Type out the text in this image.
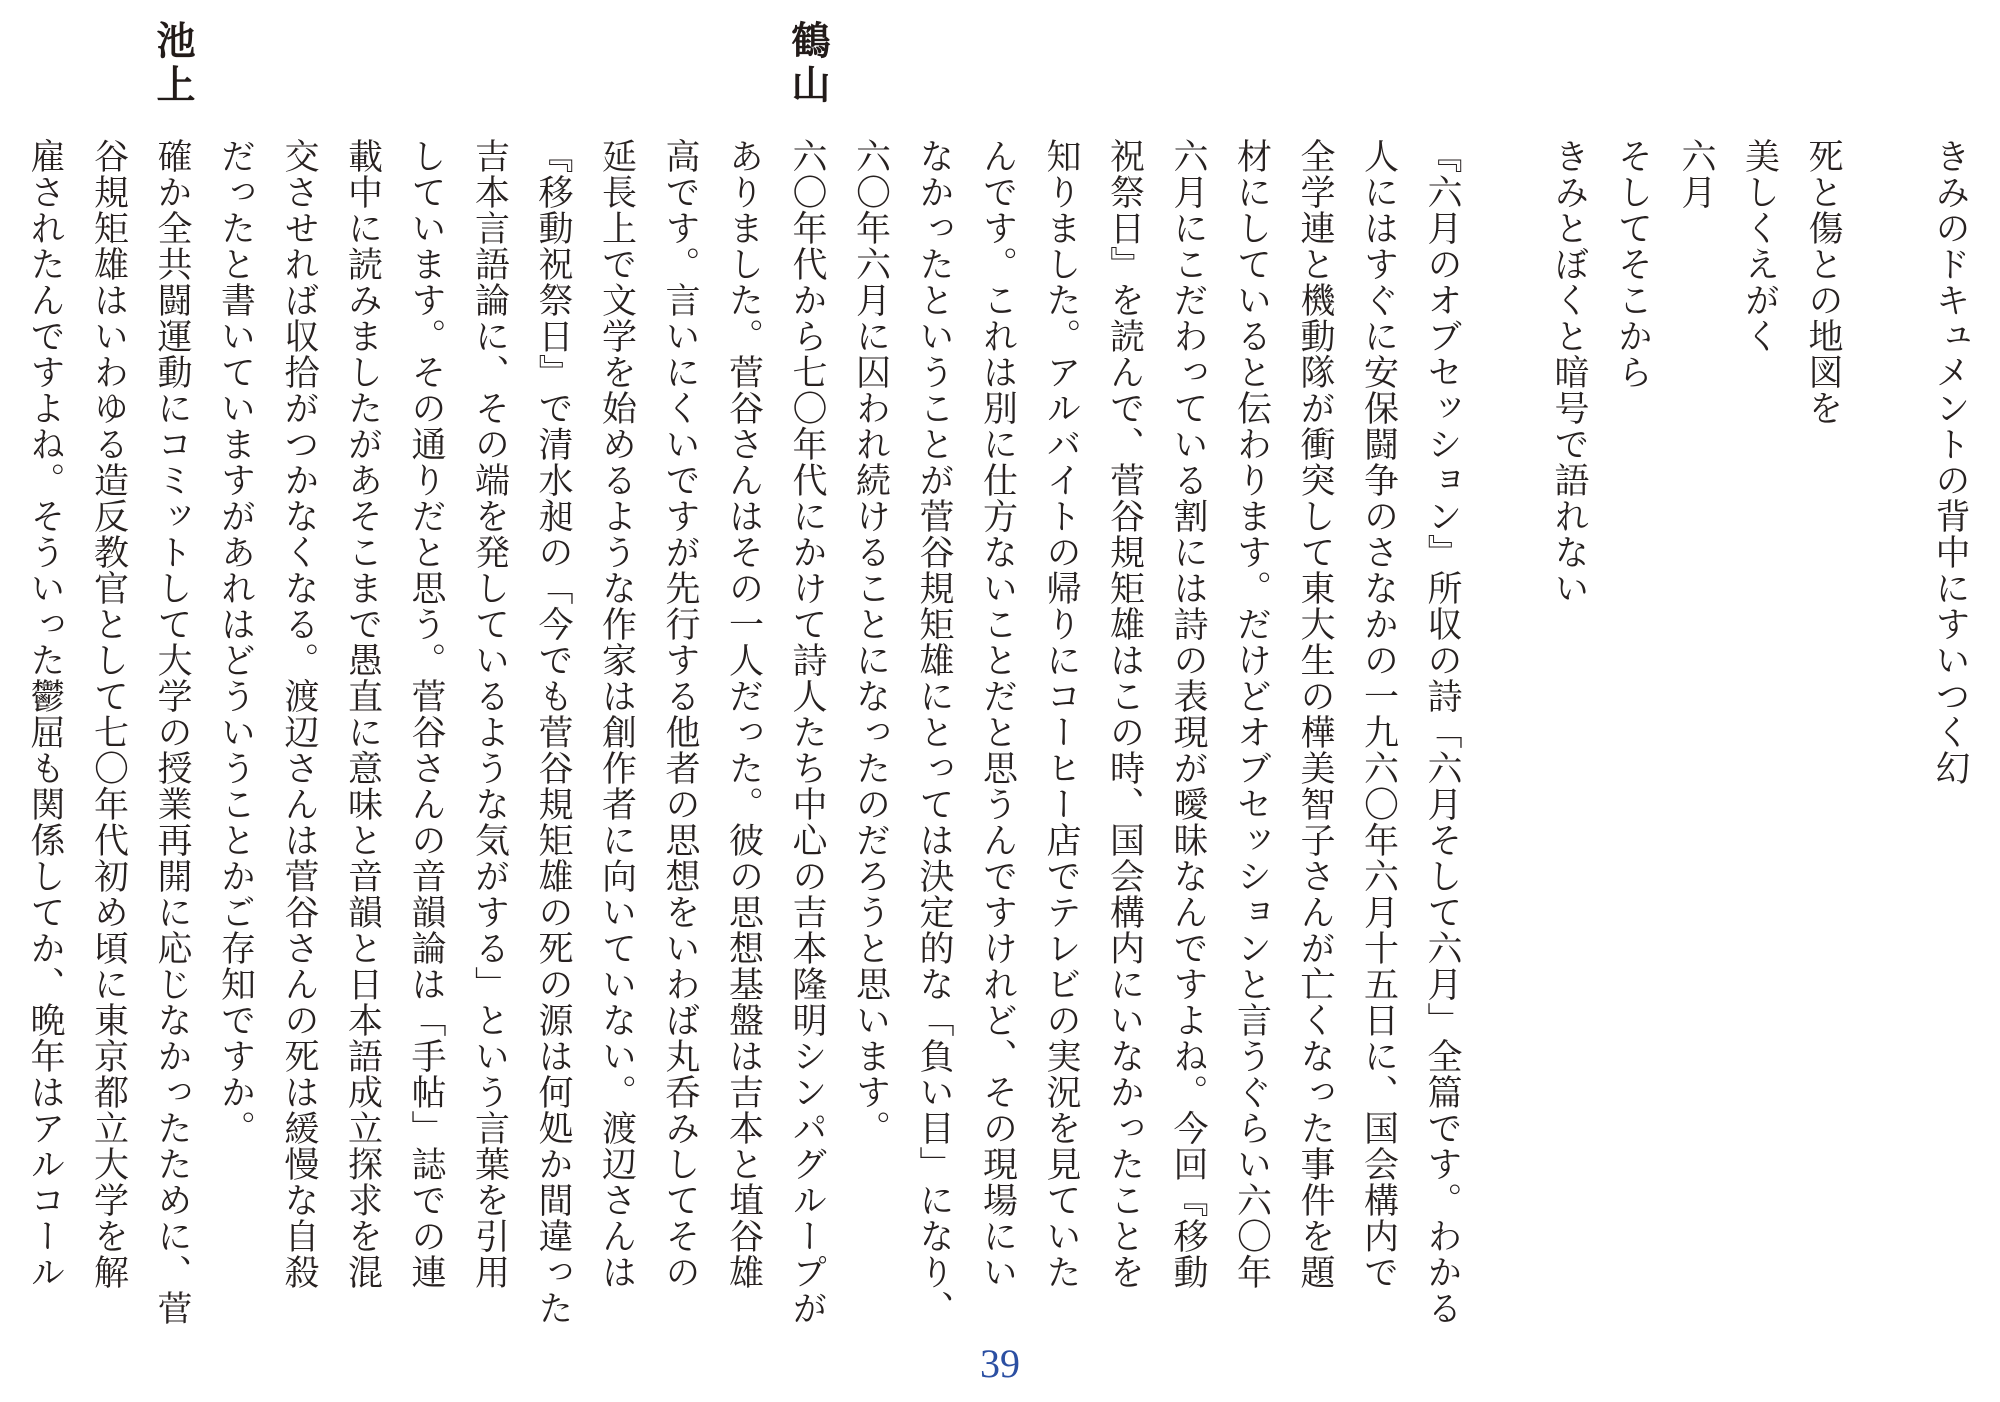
きみのドキュメントの背中にすいつく幻
死と傷との地図を
美しくえがく
六月
そしてそこから
きみとぼくと暗号で語れない
『六月のオブセッション』所収の詩「六月そして六月」全篇です。わかる
人にはすぐに安保闘争のさなかの一九六〇年六月十五日に、国会構内で
全学連と機動隊が衝突して東大生の樺美智子さんが亡くなった事件を題
材にしていると伝わります。だけどオブセッションと言うぐらい六〇年
六月にこだわっている割には詩の表現が曖昧なんですよね。今回『移動
祝祭日』を読んで、菅谷規矩雄はこの時、国会構内にいなかったことを
知りました。アルバイトの帰りにコーヒー店でテレビの実況を見ていた
んです。これは別に仕方ないことだと思うんですけれど、その現場にい
なかったということが菅谷規矩雄にとっては決定的な「負い目」になり、
六〇年六月に囚われ続けることになったのだろうと思います。
六〇年代から七〇年代にかけて詩人たち中心の吉本隆明シンパグループが
鶴山
ありました。菅谷さんはその一人だった。彼の思想基盤は吉本と埴谷雄
高です。言いにくいですが先行する他者の思想をいわば丸呑みしてその
延長上で文学を始めるような作家は創作者に向いていない。渡辺さんは
『移動祝祭日』で清水昶の「今でも菅谷規矩雄の死の源は何処か間違った
吉本言語論に、その端を発しているような気がする」という言葉を引用
しています。その通りだと思う。菅谷さんの音韻論は「手帖」誌での連
載中に読みましたがあそこまで愚直に意味と音韻と日本語成立探求を混
交させれば収拾がつかなくなる。渡辺さんは菅谷さんの死は緩慢な自殺
だったと書いていますがあれはどういうことかご存知ですか。
確か全共闘運動にコミットして大学の授業再開に応じなかったために、菅
池上
谷規矩雄はいわゆる造反教官として七〇年代初め頃に東京都立大学を解
雇されたんですよね。そういった鬱屈も関係してか、晩年はアルコール
39
